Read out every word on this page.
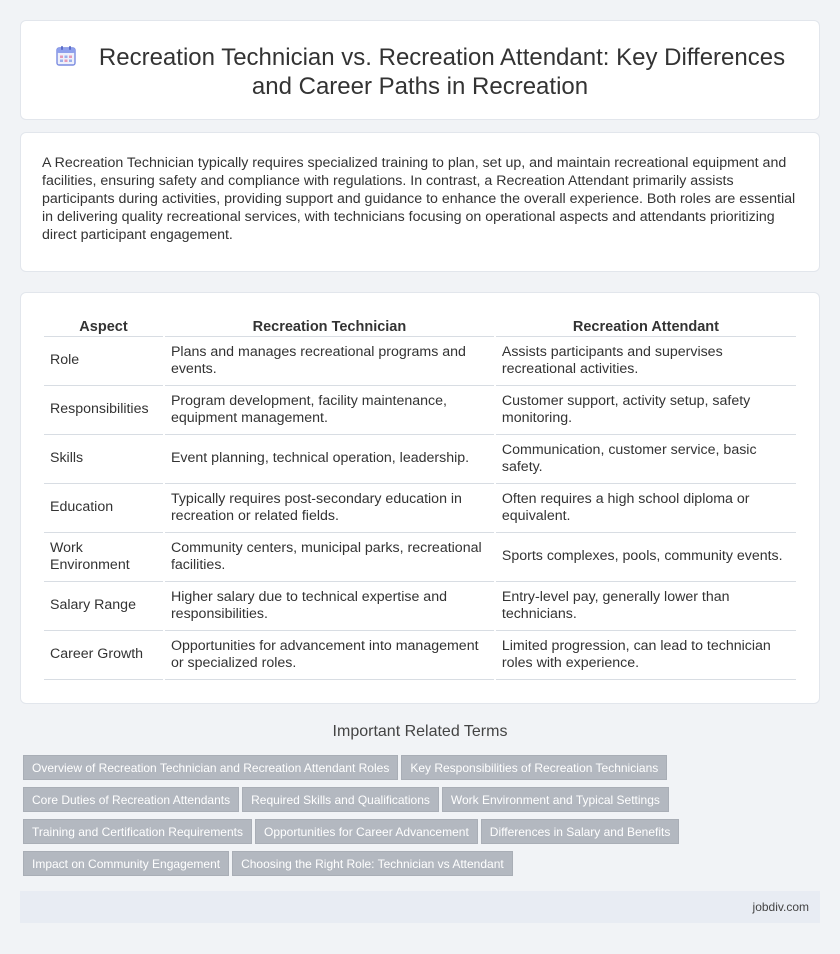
Recreation Technician vs. Recreation Attendant: Key Differences and Career Paths in Recreation

A Recreation Technician typically requires specialized training to plan, set up, and maintain recreational equipment and facilities, ensuring safety and compliance with regulations. In contrast, a Recreation Attendant primarily assists participants during activities, providing support and guidance to enhance the overall experience. Both roles are essential in delivering quality recreational services, with technicians focusing on operational aspects and attendants prioritizing direct participant engagement.

Aspect	Recreation Technician	Recreation Attendant
Role	Plans and manages recreational programs and events.	Assists participants and supervises recreational activities.
Responsibilities	Program development, facility maintenance, equipment management.	Customer support, activity setup, safety monitoring.
Skills	Event planning, technical operation, leadership.	Communication, customer service, basic safety.
Education	Typically requires post-secondary education in recreation or related fields.	Often requires a high school diploma or equivalent.
Work Environment	Community centers, municipal parks, recreational facilities.	Sports complexes, pools, community events.
Salary Range	Higher salary due to technical expertise and responsibilities.	Entry-level pay, generally lower than technicians.
Career Growth	Opportunities for advancement into management or specialized roles.	Limited progression, can lead to technician roles with experience.
Important Related Terms
Overview of Recreation Technician and Recreation Attendant Roles Key Responsibilities of Recreation Technicians
Core Duties of Recreation Attendants Required Skills and Qualifications Work Environment and Typical Settings
Training and Certification Requirements Opportunities for Career Advancement Differences in Salary and Benefits
Impact on Community Engagement Choosing the Right Role: Technician vs Attendant
jobdiv.com
